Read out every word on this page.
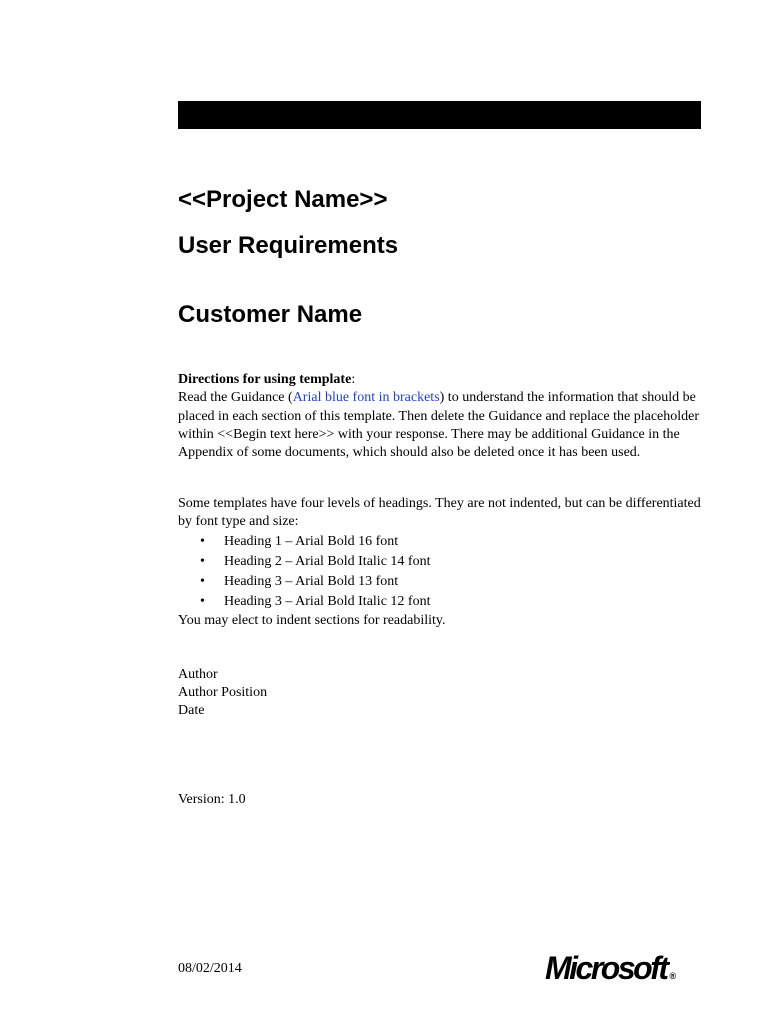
<<Project Name>>
User Requirements
Customer Name

Directions for using template:

Read the Guidance (Arial blue font in brackets) to understand the information that should be placed in each section of this template. Then delete the Guidance and replace the placeholder within <<Begin text here>> with your response. There may be additional Guidance in the Appendix of some documents, which should also be deleted once it has been used.

Some templates have four levels of headings. They are not indented, but can be differentiated by font type and size:

• Heading 1 – Arial Bold 16 font
• Heading 2 – Arial Bold Italic 14 font
• Heading 3 – Arial Bold 13 font
• Heading 3 – Arial Bold Italic 12 font

You may elect to indent sections for readability.

Author
Author Position
Date
Version: 1.0
08/02/2014	Microsoft ®
